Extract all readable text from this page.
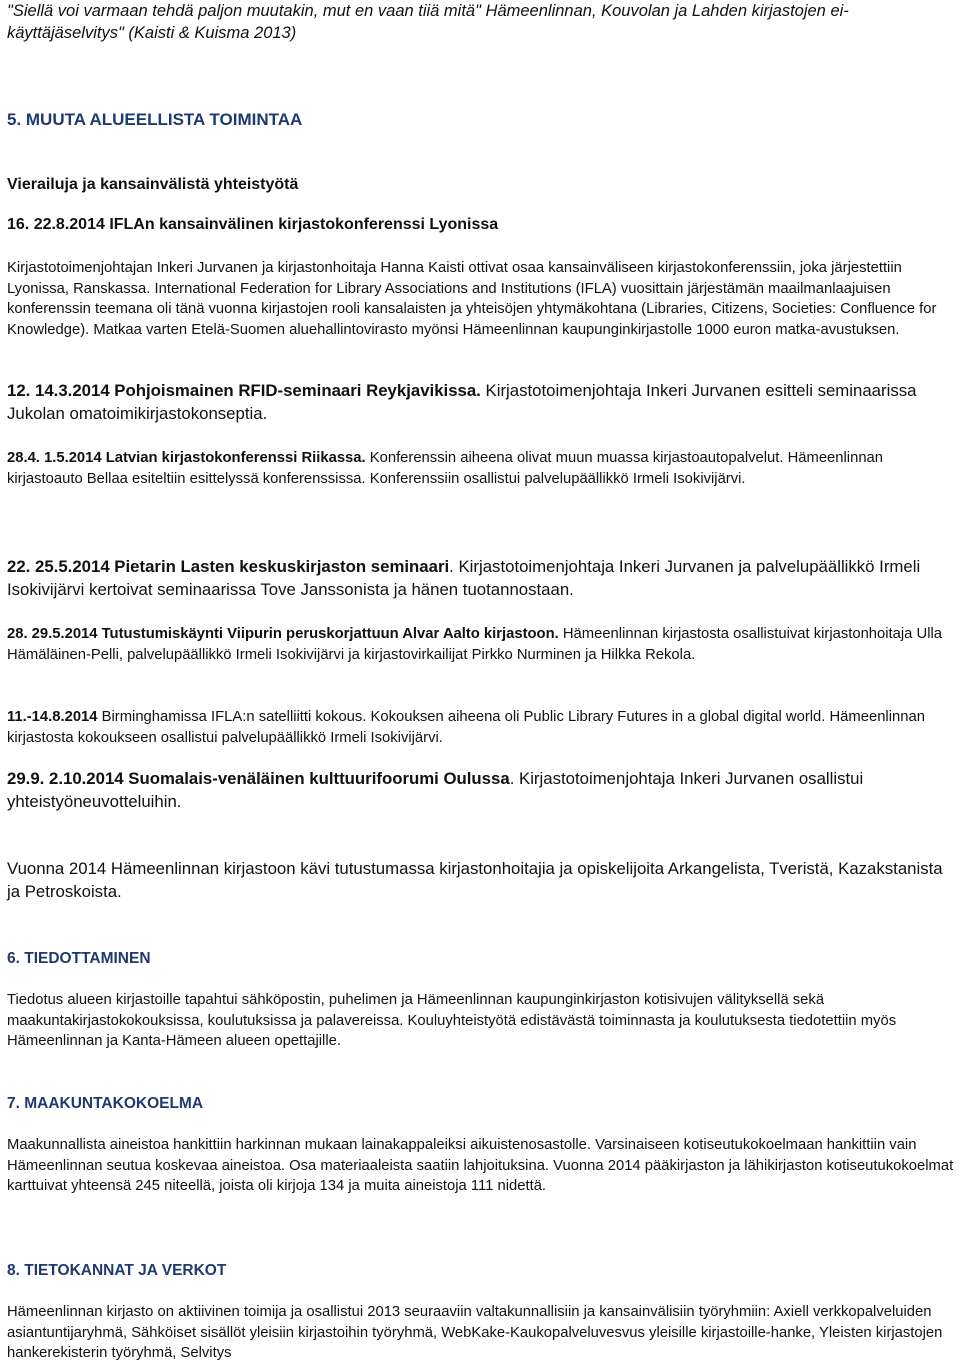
"Siellä voi varmaan tehdä paljon muutakin, mut en vaan tiiä mitä" Hämeenlinnan, Kouvolan ja Lahden kirjastojen ei-käyttäjäselvitys" (Kaisti & Kuisma 2013)

5. MUUTA ALUEELLISTA TOIMINTAA

Vierailuja ja kansainvälistä yhteistyötä

16. 22.8.2014 IFLAn kansainvälinen kirjastokonferenssi Lyonissa

Kirjastotoimenjohtajan Inkeri Jurvanen ja kirjastonhoitaja Hanna Kaisti ottivat osaa kansainväliseen kirjastokonferenssiin, joka järjestettiin Lyonissa, Ranskassa. International Federation for Library Associations and Institutions (IFLA) vuosittain järjestämän maailmanlaajuisen konferenssin teemana oli tänä vuonna kirjastojen rooli kansalaisten ja yhteisöjen yhtymäkohtana (Libraries, Citizens, Societies: Confluence for Knowledge). Matkaa varten Etelä-Suomen aluehallintovirasto myönsi Hämeenlinnan kaupunginkirjastolle 1000 euron matka-avustuksen.

12. 14.3.2014 Pohjoismainen RFID-seminaari Reykjavikissa. Kirjastotoimenjohtaja Inkeri Jurvanen esitteli seminaarissa Jukolan omatoimikirjastokonseptia.

28.4. 1.5.2014 Latvian kirjastokonferenssi Riikassa. Konferenssin aiheena olivat muun muassa kirjastoautopalvelut. Hämeenlinnan kirjastoauto Bellaa esiteltiin esittelyssä konferenssissa. Konferenssiin osallistui palvelupäällikkö Irmeli Isokivijärvi.

22. 25.5.2014 Pietarin Lasten keskuskirjaston seminaari. Kirjastotoimenjohtaja Inkeri Jurvanen ja palvelupäällikkö Irmeli Isokivijärvi kertoivat seminaarissa Tove Janssonista ja hänen tuotannostaan.

28. 29.5.2014 Tutustumiskäynti Viipurin peruskorjattuun Alvar Aalto kirjastoon. Hämeenlinnan kirjastosta osallistuivat kirjastonhoitaja Ulla Hämäläinen-Pelli, palvelupäällikkö Irmeli Isokivijärvi ja kirjastovirkailijat Pirkko Nurminen ja Hilkka Rekola.

11.-14.8.2014 Birminghamissa IFLA:n satelliitti kokous. Kokouksen aiheena oli Public Library Futures in a global digital world. Hämeenlinnan kirjastosta kokoukseen osallistui palvelupäällikkö Irmeli Isokivijärvi.

29.9. 2.10.2014 Suomalais-venäläinen kulttuurifoorumi Oulussa. Kirjastotoimenjohtaja Inkeri Jurvanen osallistui yhteistyöneuvotteluihin.

Vuonna 2014 Hämeenlinnan kirjastoon kävi tutustumassa kirjastonhoitajia ja opiskelijoita Arkangelista, Tveristä, Kazakstanista ja Petroskoista.

6. TIEDOTTAMINEN

Tiedotus alueen kirjastoille tapahtui sähköpostin, puhelimen ja Hämeenlinnan kaupunginkirjaston kotisivujen välityksellä sekä maakuntakirjastokokouksissa, koulutuksissa ja palavereissa. Kouluyhteistyötä edistävästä toiminnasta ja koulutuksesta tiedotettiin myös Hämeenlinnan ja Kanta-Hämeen alueen opettajille.

7. MAAKUNTAKOKOELMA

Maakunnallista aineistoa hankittiin harkinnan mukaan lainakappaleiksi aikuistenosastolle. Varsinaiseen kotiseutukokoelmaan hankittiin vain Hämeenlinnan seutua koskevaa aineistoa. Osa materiaaleista saatiin lahjoituksina. Vuonna 2014 pääkirjaston ja lähikirjaston kotiseutukokoelmat karttuivat yhteensä 245 niteellä, joista oli kirjoja 134 ja muita aineistoja 111 nidettä.

8. TIETOKANNAT JA VERKOT

Hämeenlinnan kirjasto on aktiivinen toimija ja osallistui 2013 seuraaviin valtakunnallisiin ja kansainvälisiin työryhmiin: Axiell verkkopalveluiden asiantuntijaryhmä, Sähköiset sisällöt yleisiin kirjastoihin työryhmä, WebKake-Kaukopalveluvesvus yleisille kirjastoille-hanke, Yleisten kirjastojen hankerekisterin työryhmä, Selvitys
